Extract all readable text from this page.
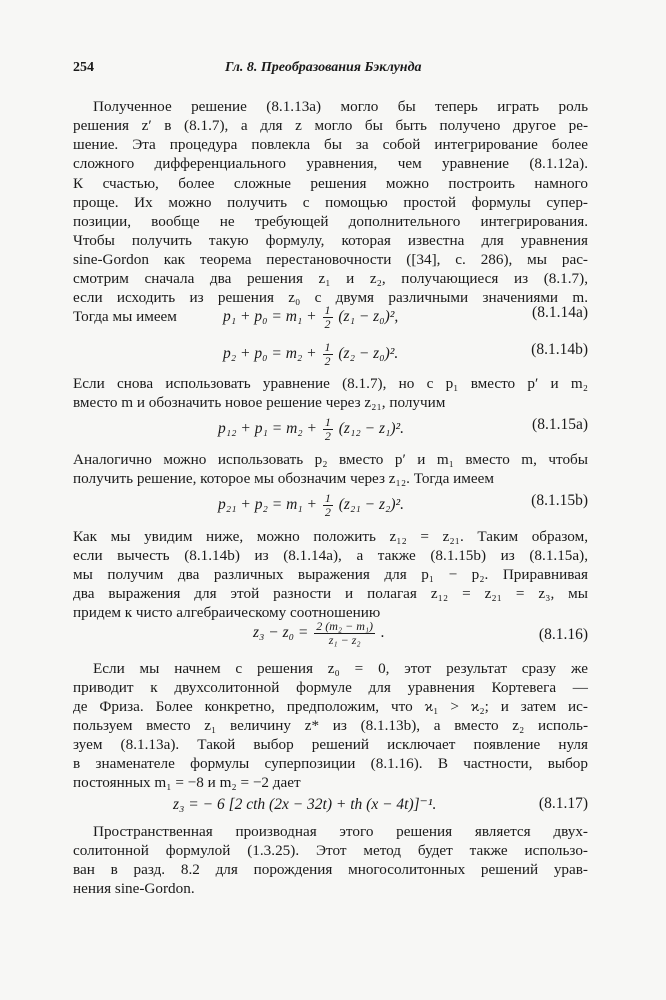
254	Гл. 8. Преобразования Бэклунда
Полученное решение (8.1.13а) могло бы теперь играть роль
решения z′ в (8.1.7), а для z могло бы быть получено другое ре-
шение. Эта процедура повлекла бы за собой интегрирование более
сложного дифференциального уравнения, чем уравнение (8.1.12а).
К счастью, более сложные решения можно построить намного
проще. Их можно получить с помощью простой формулы супер-
позиции, вообще не требующей дополнительного интегрирования.
Чтобы получить такую формулу, которая известна для уравнения
sine-Gordon как теорема перестановочности ([34], с. 286), мы рас-
смотрим сначала два решения z₁ и z₂, получающиеся из (8.1.7),
если исходить из решения z₀ с двумя различными значениями m.
Тогда мы имеем	$p_1 + p_0 = m_1 + \frac{1}{2} (z_1 - z_0)^2$,	(8.1.14a)
$p_2 + p_0 = m_2 + \frac{1}{2} (z_2 - z_0)^2$.	(8.1.14b)
Если снова использовать уравнение (8.1.7), но с p₁ вместо p′ и m₂
вместо m и обозначить новое решение через z₂₁, получим
$p_{12} + p_1 = m_2 + \frac{1}{2} (z_{12} - z_1)^2$.	(8.1.15a)
Аналогично можно использовать p₂ вместо p′ и m₁ вместо m, чтобы
получить решение, которое мы обозначим через z₁₂. Тогда имеем
$p_{21} + p_2 = m_1 + \frac{1}{2} (z_{21} - z_2)^2$.	(8.1.15b)
Как мы увидим ниже, можно положить z₁₂ = z₂₁. Таким образом,
если вычесть (8.1.14b) из (8.1.14а), а также (8.1.15b) из (8.1.15а),
мы получим два различных выражения для p₁ − p₂. Приравнивая
два выражения для этой разности и полагая z₁₂ = z₂₁ = z₃, мы
придем к чисто алгебраическому соотношению
$z_3 - z_0 = \frac{\text{2 (m₂ − m₁)}}{\text{z₁ − z₂}}$ .	(8.1.16)
Если мы начнем с решения z₀ = 0, этот результат сразу же
приводит к двухсолитонной формуле для уравнения Кортевега —
де Фриза. Более конкретно, предположим, что ϰ₁ > ϰ₂; и затем ис-
пользуем вместо z₁ величину z* из (8.1.13b), а вместо z₂ исполь-
зуем (8.1.13а). Такой выбор решений исключает появление нуля
в знаменателе формулы суперпозиции (8.1.16). В частности, выбор
постоянных m₁ = −8 и m₂ = −2 дает
z₃ = − 6 [2 cth (2x − 32t) + th (x − 4t)]⁻¹.	(8.1.17)
Пространственная производная этого решения является двух-
солитонной формулой (1.3.25). Этот метод будет также использо-
ван в разд. 8.2 для порождения многосолитонных решений урав-
нения sine-Gordon.
